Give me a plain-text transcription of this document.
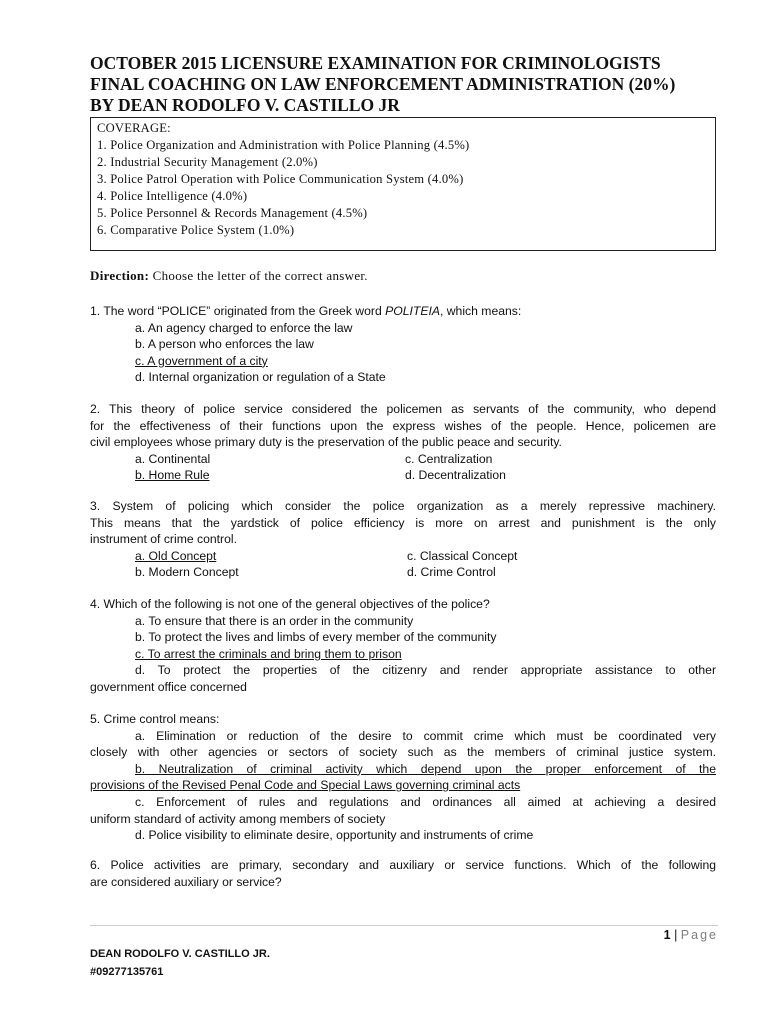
OCTOBER 2015 LICENSURE EXAMINATION FOR CRIMINOLOGISTS
FINAL COACHING ON LAW ENFORCEMENT ADMINISTRATION (20%)
BY DEAN RODOLFO V. CASTILLO JR
COVERAGE:
1. Police Organization and Administration with Police Planning (4.5%)
2. Industrial Security Management (2.0%)
3. Police Patrol Operation with Police Communication System (4.0%)
4. Police Intelligence (4.0%)
5. Police Personnel & Records Management (4.5%)
6. Comparative Police System (1.0%)
Direction: Choose the letter of the correct answer.
1. The word “POLICE” originated from the Greek word POLITEIA, which means:
a. An agency charged to enforce the law
b. A person who enforces the law
c. A government of a city
d. Internal organization or regulation of a State
2. This theory of police service considered the policemen as servants of the community, who depend
for the effectiveness of their functions upon the express wishes of the people. Hence, policemen are
civil employees whose primary duty is the preservation of the public peace and security.
a. Continental	c. Centralization
b. Home Rule	d. Decentralization
3. System of policing which consider the police organization as a merely repressive machinery.
This means that the yardstick of police efficiency is more on arrest and punishment is the only
instrument of crime control.
a. Old Concept	c. Classical Concept
b. Modern Concept	d. Crime Control
4. Which of the following is not one of the general objectives of the police?
a. To ensure that there is an order in the community
b. To protect the lives and limbs of every member of the community
c. To arrest the criminals and bring them to prison
d. To protect the properties of the citizenry and render appropriate assistance to other
government office concerned
5. Crime control means:
a. Elimination or reduction of the desire to commit crime which must be coordinated very
closely with other agencies or sectors of society such as the members of criminal justice system.
b. Neutralization of criminal activity which depend upon the proper enforcement of the
provisions of the Revised Penal Code and Special Laws governing criminal acts
c. Enforcement of rules and regulations and ordinances all aimed at achieving a desired
uniform standard of activity among members of society
d. Police visibility to eliminate desire, opportunity and instruments of crime
6. Police activities are primary, secondary and auxiliary or service functions. Which of the following
are considered auxiliary or service?
1 | Page
DEAN RODOLFO V. CASTILLO JR.
#09277135761
